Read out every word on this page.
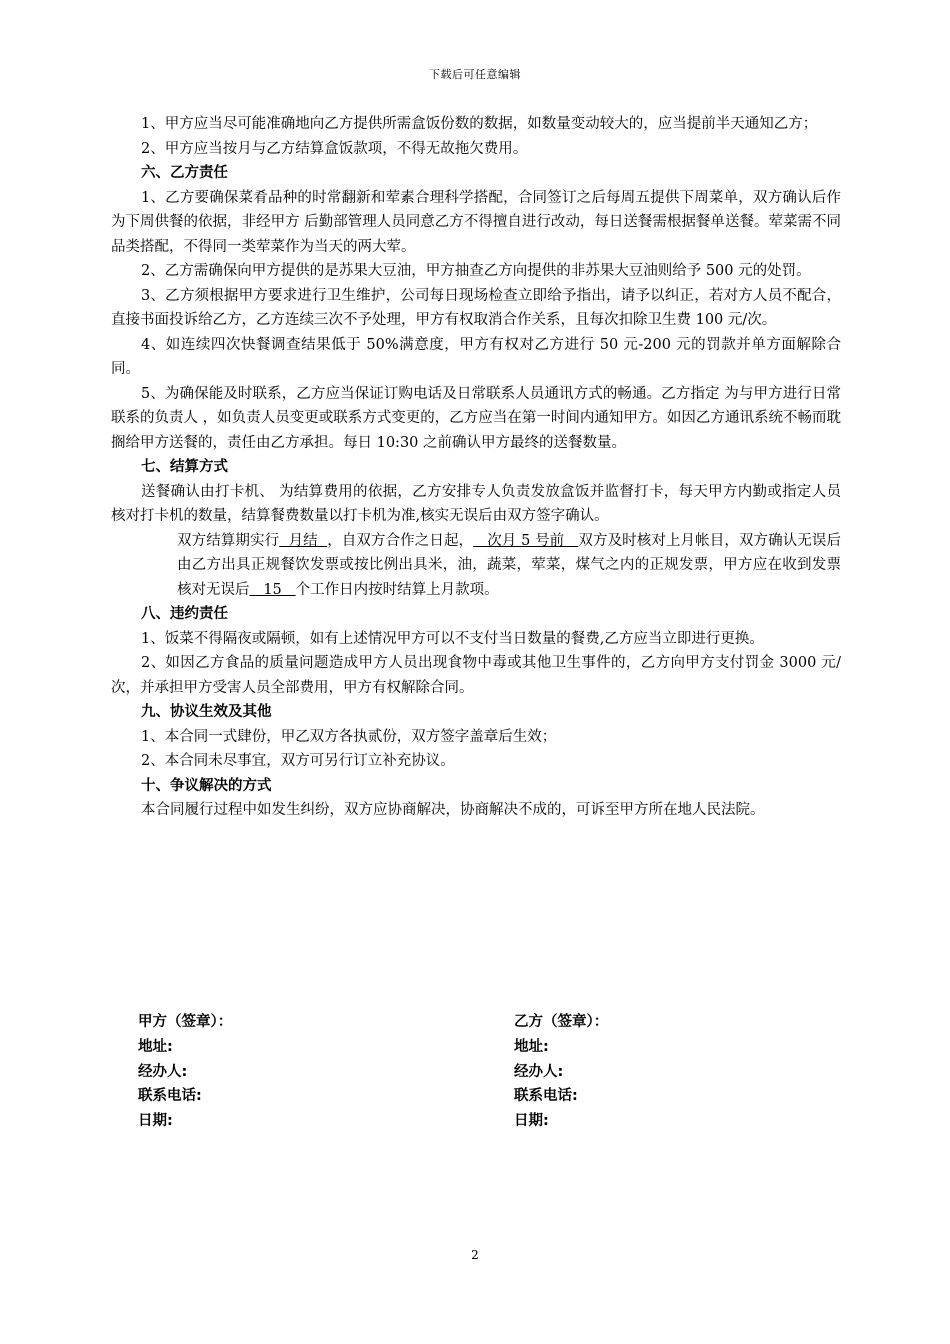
下载后可任意编辑

1、甲方应当尽可能准确地向乙方提供所需盒饭份数的数据，如数量变动较大的，应当提前半天通知乙方；

2、甲方应当按月与乙方结算盒饭款项，不得无故拖欠费用。

六、乙方责任

1、乙方要确保菜肴品种的时常翻新和荤素合理科学搭配，合同签订之后每周五提供下周菜单，双方确认后作为下周供餐的依据，非经甲方 后勤部管理人员同意乙方不得擅自进行改动，每日送餐需根据餐单送餐。荤菜需不同品类搭配，不得同一类荤菜作为当天的两大荤。

2、乙方需确保向甲方提供的是苏果大豆油，甲方抽查乙方向提供的非苏果大豆油则给予 500 元的处罚。

3、乙方须根据甲方要求进行卫生维护，公司每日现场检查立即给予指出，请予以纠正，若对方人员不配合，直接书面投诉给乙方，乙方连续三次不予处理，甲方有权取消合作关系，且每次扣除卫生费 100 元/次。

4、如连续四次快餐调查结果低于 50%满意度，甲方有权对乙方进行 50 元-200 元的罚款并单方面解除合同。

5、为确保能及时联系，乙方应当保证订购电话及日常联系人员通讯方式的畅通。乙方指定 为与甲方进行日常联系的负责人 ，如负责人员变更或联系方式变更的，乙方应当在第一时间内通知甲方。如因乙方通讯系统不畅而耽搁给甲方送餐的，责任由乙方承担。每日 10:30 之前确认甲方最终的送餐数量。

七、结算方式

送餐确认由打卡机、 为结算费用的依据，乙方安排专人负责发放盒饭并监督打卡，每天甲方内勤或指定人员 核对打卡机的数量，结算餐费数量以打卡机为准,核实无误后由双方签字确认。

双方结算期实行  月结  ，自双方合作之日起，   次月 5 号前   双方及时核对上月帐目，双方确认无误后由乙方出具正规餐饮发票或按比例出具米，油，蔬菜，荤菜，煤气之内的正规发票，甲方应在收到发票核对无误后   15   个工作日内按时结算上月款项。

八、违约责任

1、饭菜不得隔夜或隔顿，如有上述情况甲方可以不支付当日数量的餐费,乙方应当立即进行更换。

2、如因乙方食品的质量问题造成甲方人员出现食物中毒或其他卫生事件的，乙方向甲方支付罚金 3000 元/次，并承担甲方受害人员全部费用，甲方有权解除合同。

九、协议生效及其他

1、本合同一式肆份，甲乙双方各执贰份，双方签字盖章后生效；

2、本合同未尽事宜，双方可另行订立补充协议。

十、争议解决的方式

本合同履行过程中如发生纠纷，双方应协商解决，协商解决不成的，可诉至甲方所在地人民法院。

甲方（签章）：
地址:
经办人:
联系电话:
日期:
乙方（签章）：
地址:
经办人:
联系电话:
日期:
2
